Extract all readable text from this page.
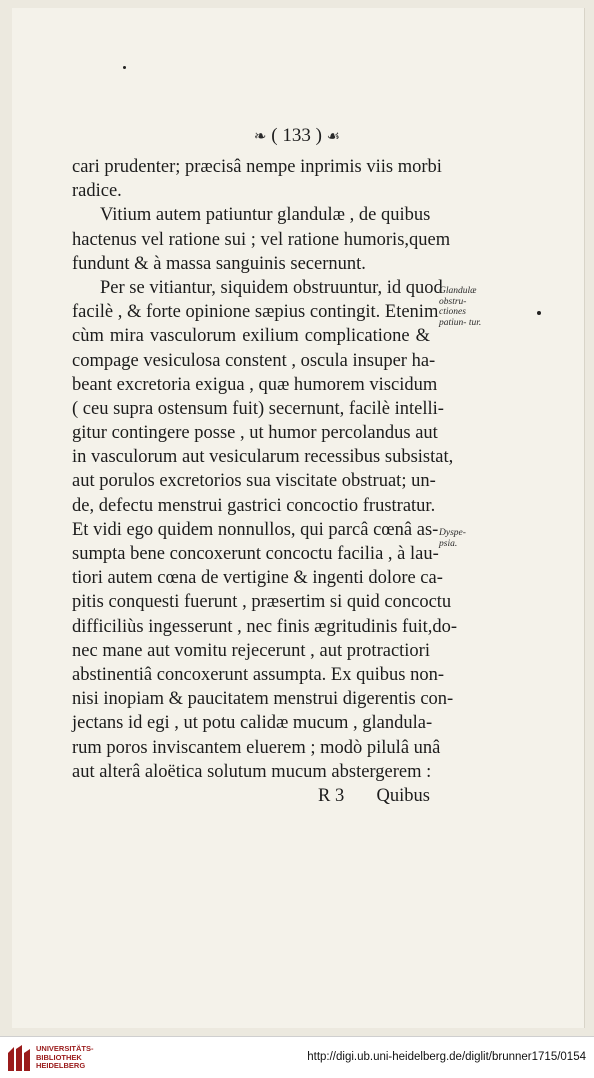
❧ ( 133 ) ☙
cari prudenter; præcisâ nempe inprimis viis morbi
radice.
Vitium autem patiuntur glandulæ , de quibus
hactenus vel ratione sui ; vel ratione humoris,quem
fundunt & à massa sanguinis secernunt.
Per se vitiantur, siquidem obstruuntur, id quod
facilè , & forte opinione sæpius contingit. Etenim
cùm mira vasculorum exilium complicatione &
compage vesiculosa constent , oscula insuper ha-
beant excretoria exigua , quæ humorem viscidum
( ceu supra ostensum fuit) secernunt, facilè intelli-
gitur contingere posse , ut humor percolandus aut
in vasculorum aut vesicularum recessibus subsistat,
aut porulos excretorios sua viscitate obstruat; un-
de, defectu menstrui gastrici concoctio frustratur.
Et vidi ego quidem nonnullos, qui parcâ cœnâ as-
sumpta bene concoxerunt concoctu facilia , à lau-
tiori autem cœna de vertigine & ingenti dolore ca-
pitis conquesti fuerunt , præsertim si quid concoctu
difficiliùs ingesserunt , nec finis ægritudinis fuit,do-
nec mane aut vomitu rejecerunt , aut protractiori
abstinentiâ concoxerunt assumpta. Ex quibus non-
nisi inopiam & paucitatem menstrui digerentis con-
jectans id egi , ut potu calidæ mucum , glandula-
rum poros inviscantem eluerem ; modò pilulâ unâ
aut alterâ aloëtica solutum mucum abstergerem :
R 3 Quibus
Glandulæ obstru- ctiones patiun- tur.
Dyspe- psia.
UNIVERSITÄTS-
BIBLIOTHEK
HEIDELBERG
http://digi.ub.uni-heidelberg.de/diglit/brunner1715/0154
